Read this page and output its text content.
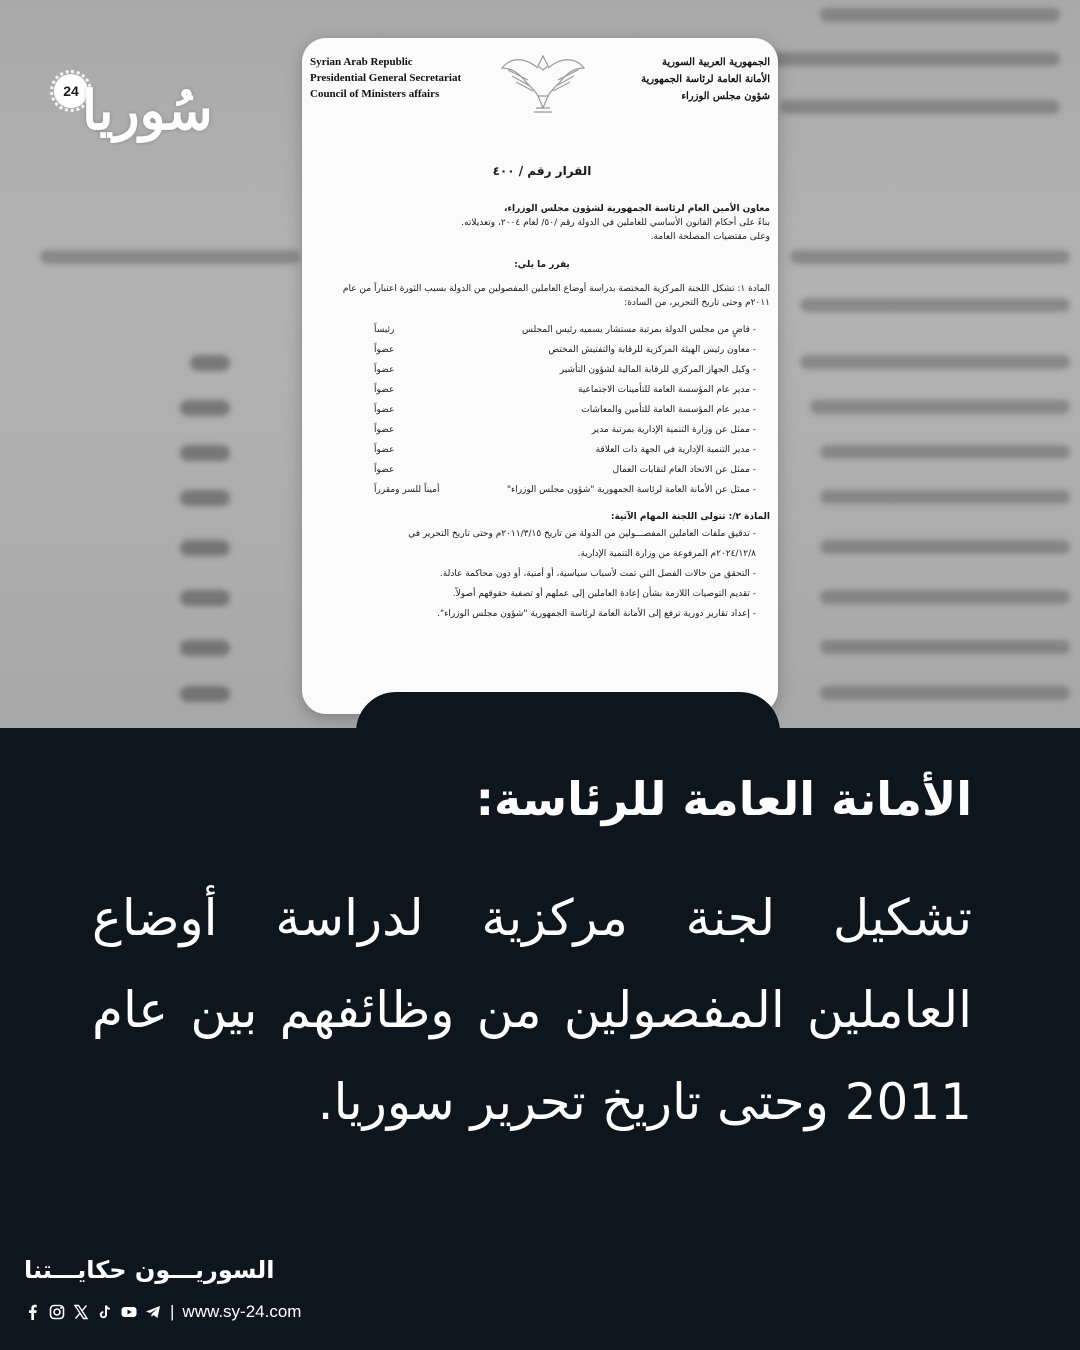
24 سُوريا
Syrian Arab Republic
Presidential General Secretariat
Council of Ministers affairs
الجمهورية العربية السورية
الأمانة العامة لرئاسة الجمهورية
شؤون مجلس الوزراء
القرار رقم / ٤٠٠
معاون الأمين العام لرئاسة الجمهورية لشؤون مجلس الوزراء،
بناءً على أحكام القانون الأساسي للعاملين في الدولة رقم /٥٠/ لعام ٢٠٠٤، وتعديلاته.
وعلى مقتضيات المصلحة العامة.
يقرر ما يلي:
المادة ١: تشكل اللجنة المركزية المختصة بدراسة أوضاع العاملين المفصولين من الدولة بسبب الثورة اعتباراً من عام
٢٠١١م وحتى تاريخ التحرير، من السادة:
- قاضٍ من مجلس الدولة بمرتبة مستشار يسميه رئيس المجلس
رئيساً
- معاون رئيس الهيئة المركزية للرقابة والتفتيش المختص
عضواً
- وكيل الجهاز المركزي للرقابة المالية لشؤون التأشير
عضواً
- مدير عام المؤسسة العامة للتأمينات الاجتماعية
عضواً
- مدير عام المؤسسة العامة للتأمين والمعاشات
عضواً
- ممثل عن وزارة التنمية الإدارية بمرتبة مدير
عضواً
- مدير التنمية الإدارية في الجهة ذات العلاقة
عضواً
- ممثل عن الاتحاد العام لنقابات العمال
عضواً
- ممثل عن الأمانة العامة لرئاسة الجمهورية "شؤون مجلس الوزراء"
أميناً للسر ومقرراً
المادة ٢/: تتولى اللجنة المهام الآتية:
- تدقيق ملفات العاملين المفصـــولين من الدولة من تاريخ ٢٠١١/٣/١٥م وحتى تاريخ التحرير في
٢٠٢٤/١٢/٨م المرفوعة من وزارة التنمية الإدارية.
- التحقق من حالات الفصل التي تمت لأسباب سياسية، أو أمنية، أو دون محاكمة عادلة.
- تقديم التوصيات اللازمة بشأن إعادة العاملين إلى عملهم أو تصفية حقوقهم أصولاً.
- إعداد تقارير دورية ترفع إلى الأمانة العامة لرئاسة الجمهورية "شؤون مجلس الوزراء".
الأمانة العامة للرئاسة:
تشكيل لجنة مركزية لدراسة أوضاع العاملين المفصولين من وظائفهم بين عام 2011 وحتى تاريخ تحرير سوريا.
السوريـــون حكايـــتنا
| www.sy-24.com
